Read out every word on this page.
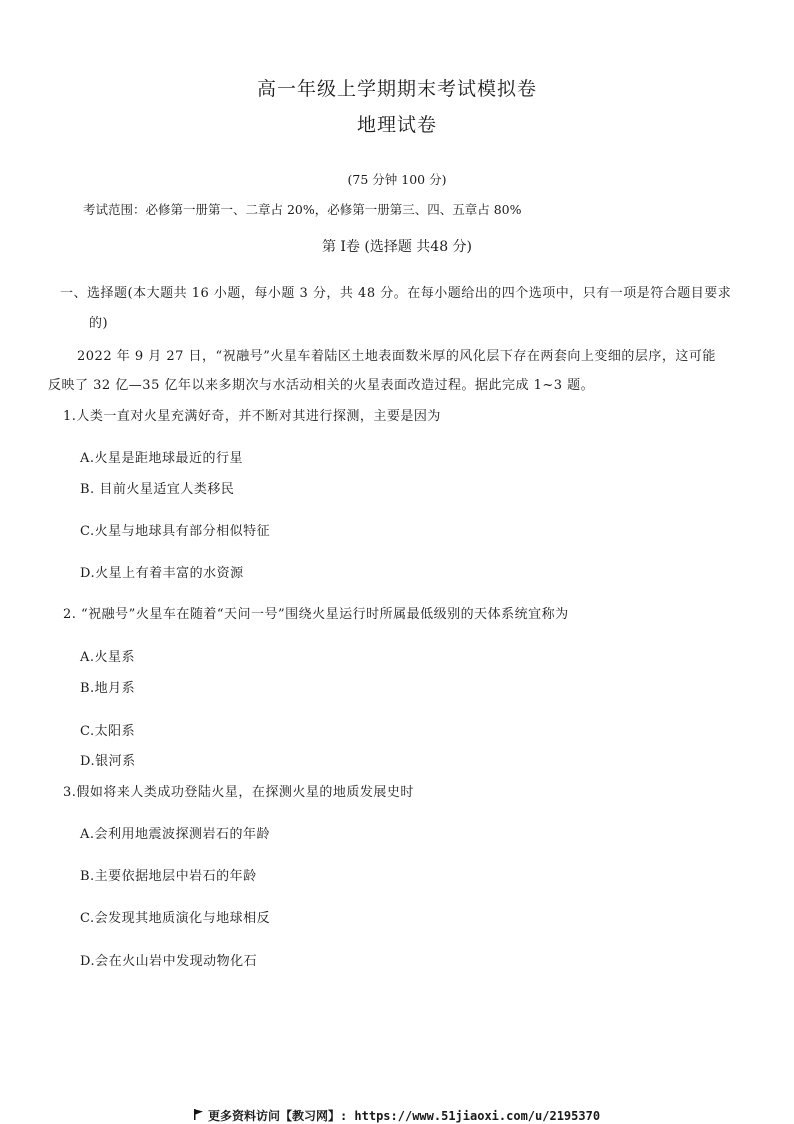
高一年级上学期期末考试模拟卷
地理试卷
(75 分钟 100 分)
考试范围：必修第一册第一、二章占 20%，必修第一册第三、四、五章占 80%
第 Ⅰ卷 (选择题 共48 分)
一、选择题(本大题共 16 小题，每小题 3 分，共 48 分。在每小题给出的四个选项中，只有一项是符合题目要求
的)
2022 年 9 月 27 日，“祝融号”火星车着陆区土地表面数米厚的风化层下存在两套向上变细的层序，这可能
反映了 32 亿—35 亿年以来多期次与水活动相关的火星表面改造过程。据此完成 1~3 题。
1.人类一直对火星充满好奇，并不断对其进行探测，主要是因为
A.火星是距地球最近的行星
B. 目前火星适宜人类移民
C.火星与地球具有部分相似特征
D.火星上有着丰富的水资源
2. “祝融号”火星车在随着“天问一号”围绕火星运行时所属最低级别的天体系统宜称为
A.火星系
B.地月系
C.太阳系
D.银河系
3.假如将来人类成功登陆火星，在探测火星的地质发展史时
A.会利用地震波探测岩石的年龄
B.主要依据地层中岩石的年龄
C.会发现其地质演化与地球相反
D.会在火山岩中发现动物化石
更多资料访问【教习网】: https://www.51jiaoxi.com/u/2195370
